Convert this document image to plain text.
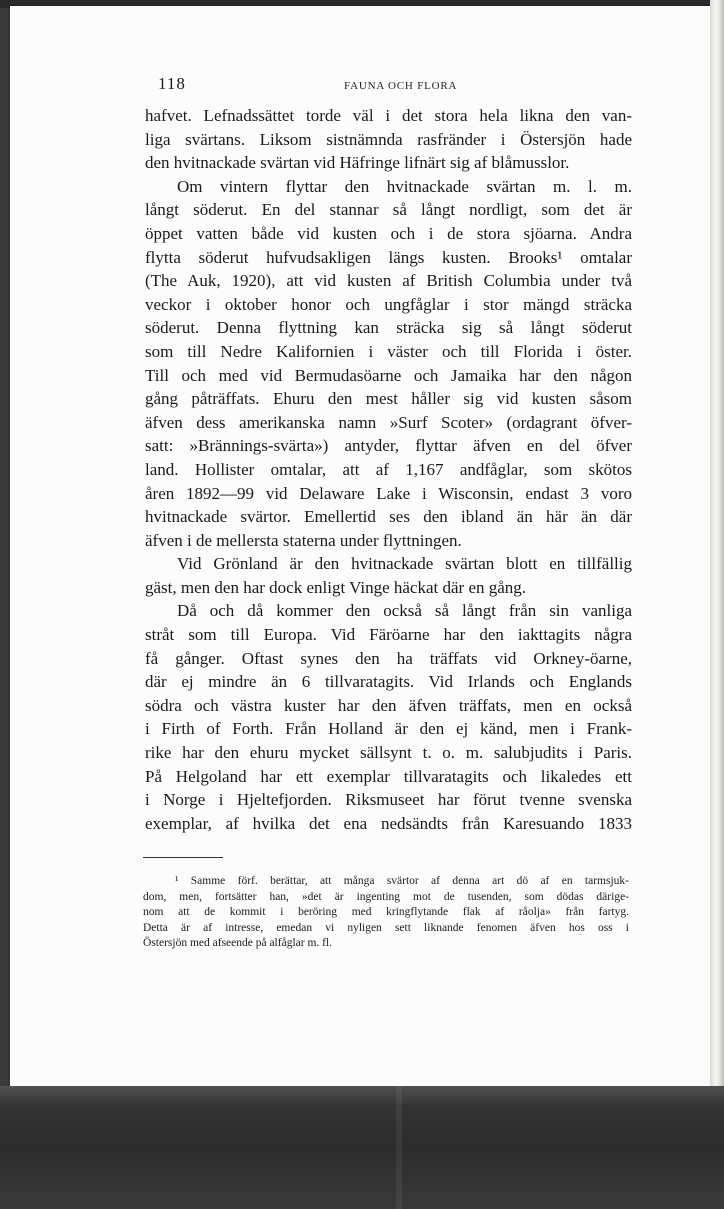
118	FAUNA OCH FLORA
hafvet. Lefnadssättet torde väl i det stora hela likna den van-
liga svärtans. Liksom sistnämnda rasfränder i Östersjön hade
den hvitnackade svärtan vid Häfringe lifnärt sig af blåmusslor.
Om vintern flyttar den hvitnackade svärtan m. l. m.
långt söderut. En del stannar så långt nordligt, som det är
öppet vatten både vid kusten och i de stora sjöarna. Andra
flytta söderut hufvudsakligen längs kusten. Brooks¹ omtalar
(The Auk, 1920), att vid kusten af British Columbia under två
veckor i oktober honor och ungfåglar i stor mängd sträcka
söderut. Denna flyttning kan sträcka sig så långt söderut
som till Nedre Kalifornien i väster och till Florida i öster.
Till och med vid Bermudasöarne och Jamaika har den någon
gång påträffats. Ehuru den mest håller sig vid kusten såsom
äfven dess amerikanska namn »Surf Scoter» (ordagrant öfver-
satt: »Brännings-svärta») antyder, flyttar äfven en del öfver
land. Hollister omtalar, att af 1,167 andfåglar, som skötos
åren 1892—99 vid Delaware Lake i Wisconsin, endast 3 voro
hvitnackade svärtor. Emellertid ses den ibland än här än där
äfven i de mellersta staterna under flyttningen.
Vid Grönland är den hvitnackade svärtan blott en tillfällig
gäst, men den har dock enligt Vinge häckat där en gång.
Då och då kommer den också så långt från sin vanliga
stråt som till Europa. Vid Färöarne har den iakttagits några
få gånger. Oftast synes den ha träffats vid Orkney-öarne,
där ej mindre än 6 tillvaratagits. Vid Irlands och Englands
södra och västra kuster har den äfven träffats, men en också
i Firth of Forth. Från Holland är den ej känd, men i Frank-
rike har den ehuru mycket sällsynt t. o. m. salubjudits i Paris.
På Helgoland har ett exemplar tillvaratagits och likaledes ett
i Norge i Hjeltefjorden. Riksmuseet har förut tvenne svenska
exemplar, af hvilka det ena nedsändts från Karesuando 1833
¹ Samme förf. berättar, att många svärtor af denna art dö af en tarmsjuk-
dom, men, fortsätter han, »det är ingenting mot de tusenden, som dödas därige-
nom att de kommit i beröring med kringflytande flak af råolja» från fartyg.
Detta är af intresse, emedan vi nyligen sett liknande fenomen äfven hos oss i
Östersjön med afseende på alfåglar m. fl.
